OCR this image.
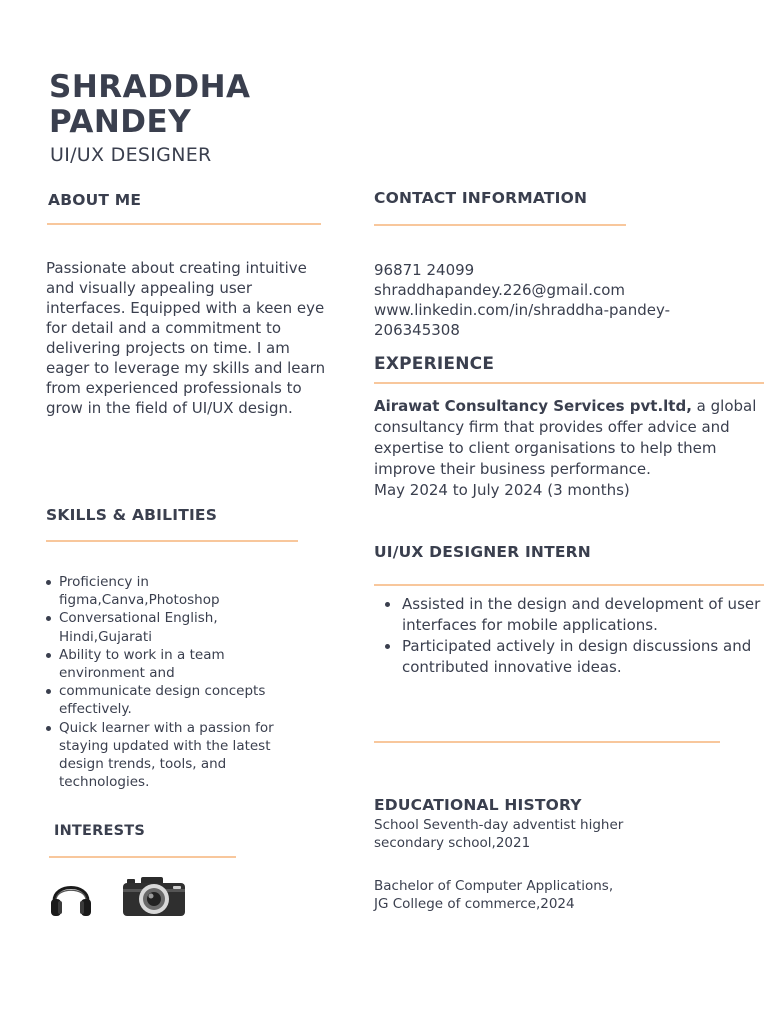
SHRADDHA
PANDEY
UI/UX DESIGNER
ABOUT ME
Passionate about creating intuitive and visually appealing user interfaces. Equipped with a keen eye for detail and a commitment to delivering projects on time. I am eager to leverage my skills and learn from experienced professionals to grow in the field of UI/UX design.
SKILLS & ABILITIES
Proficiency in figma,Canva,Photoshop
Conversational English, Hindi,Gujarati
Ability to work in a team environment and
communicate design concepts effectively.
Quick learner with a passion for staying updated with the latest design trends, tools, and technologies.
INTERESTS
CONTACT INFORMATION
96871 24099
shraddhapandey.226@gmail.com
www.linkedin.com/in/shraddha-pandey-
206345308
EXPERIENCE
Airawat Consultancy Services pvt.ltd, a global consultancy firm that provides offer advice and expertise to client organisations to help them improve their business performance.
May 2024 to July 2024 (3 months)
UI/UX DESIGNER INTERN
Assisted in the design and development of user interfaces for mobile applications.
Participated actively in design discussions and contributed innovative ideas.
EDUCATIONAL HISTORY
School Seventh-day adventist higher
secondary school,2021
Bachelor of Computer Applications,
JG College of commerce,2024
